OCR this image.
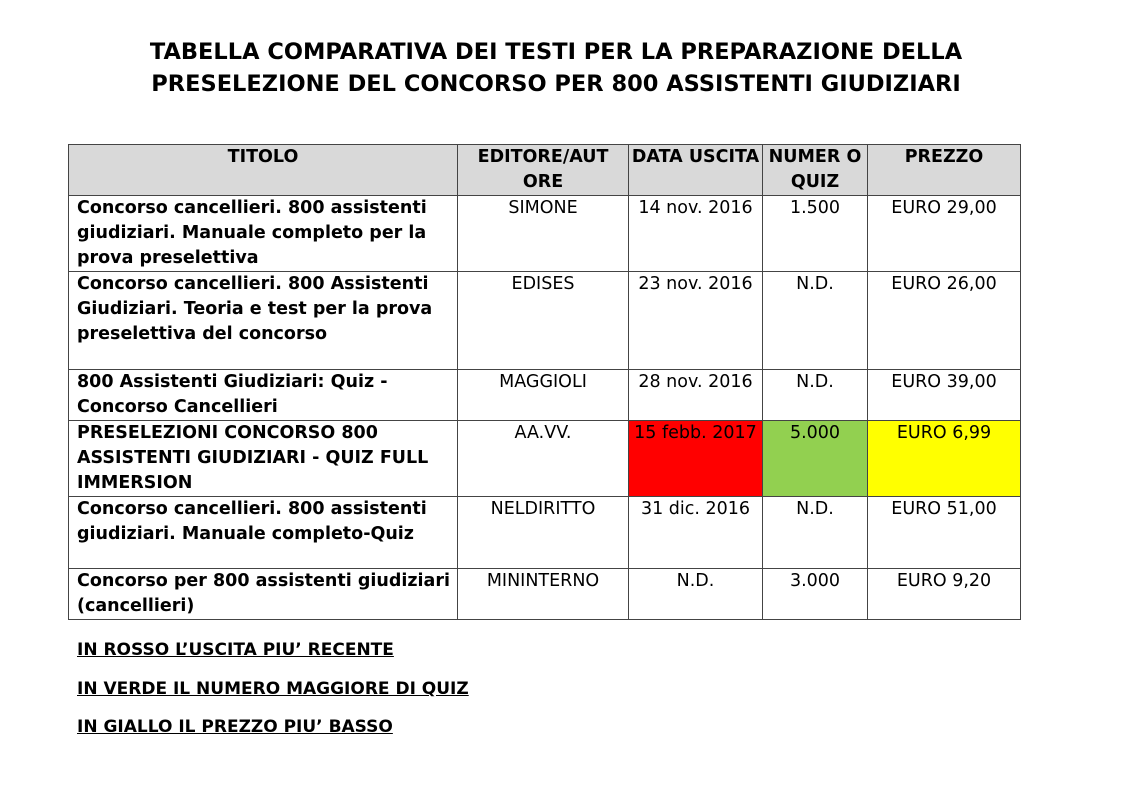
TABELLA COMPARATIVA DEI TESTI PER LA PREPARAZIONE DELLA
PRESELEZIONE DEL CONCORSO PER 800 ASSISTENTI GIUDIZIARI
TITOLO	EDITORE/AUT ORE	DATA USCITA	NUMER O QUIZ	PREZZO
Concorso cancellieri. 800 assistenti giudiziari. Manuale completo per la prova preselettiva	SIMONE	14 nov. 2016	1.500	EURO 29,00
Concorso cancellieri. 800 Assistenti Giudiziari. Teoria e test per la prova preselettiva del concorso	EDISES	23 nov. 2016	N.D.	EURO 26,00
800 Assistenti Giudiziari: Quiz - Concorso Cancellieri	MAGGIOLI	28 nov. 2016	N.D.	EURO 39,00
PRESELEZIONI CONCORSO 800 ASSISTENTI GIUDIZIARI - QUIZ FULL IMMERSION	AA.VV.	15 febb. 2017	5.000	EURO 6,99
Concorso cancellieri. 800 assistenti giudiziari. Manuale completo-Quiz	NELDIRITTO	31 dic. 2016	N.D.	EURO 51,00
Concorso per 800 assistenti giudiziari (cancellieri)	MININTERNO	N.D.	3.000	EURO 9,20
IN ROSSO L’USCITA PIU’ RECENTE
IN VERDE IL NUMERO MAGGIORE DI QUIZ
IN GIALLO IL PREZZO PIU’ BASSO
